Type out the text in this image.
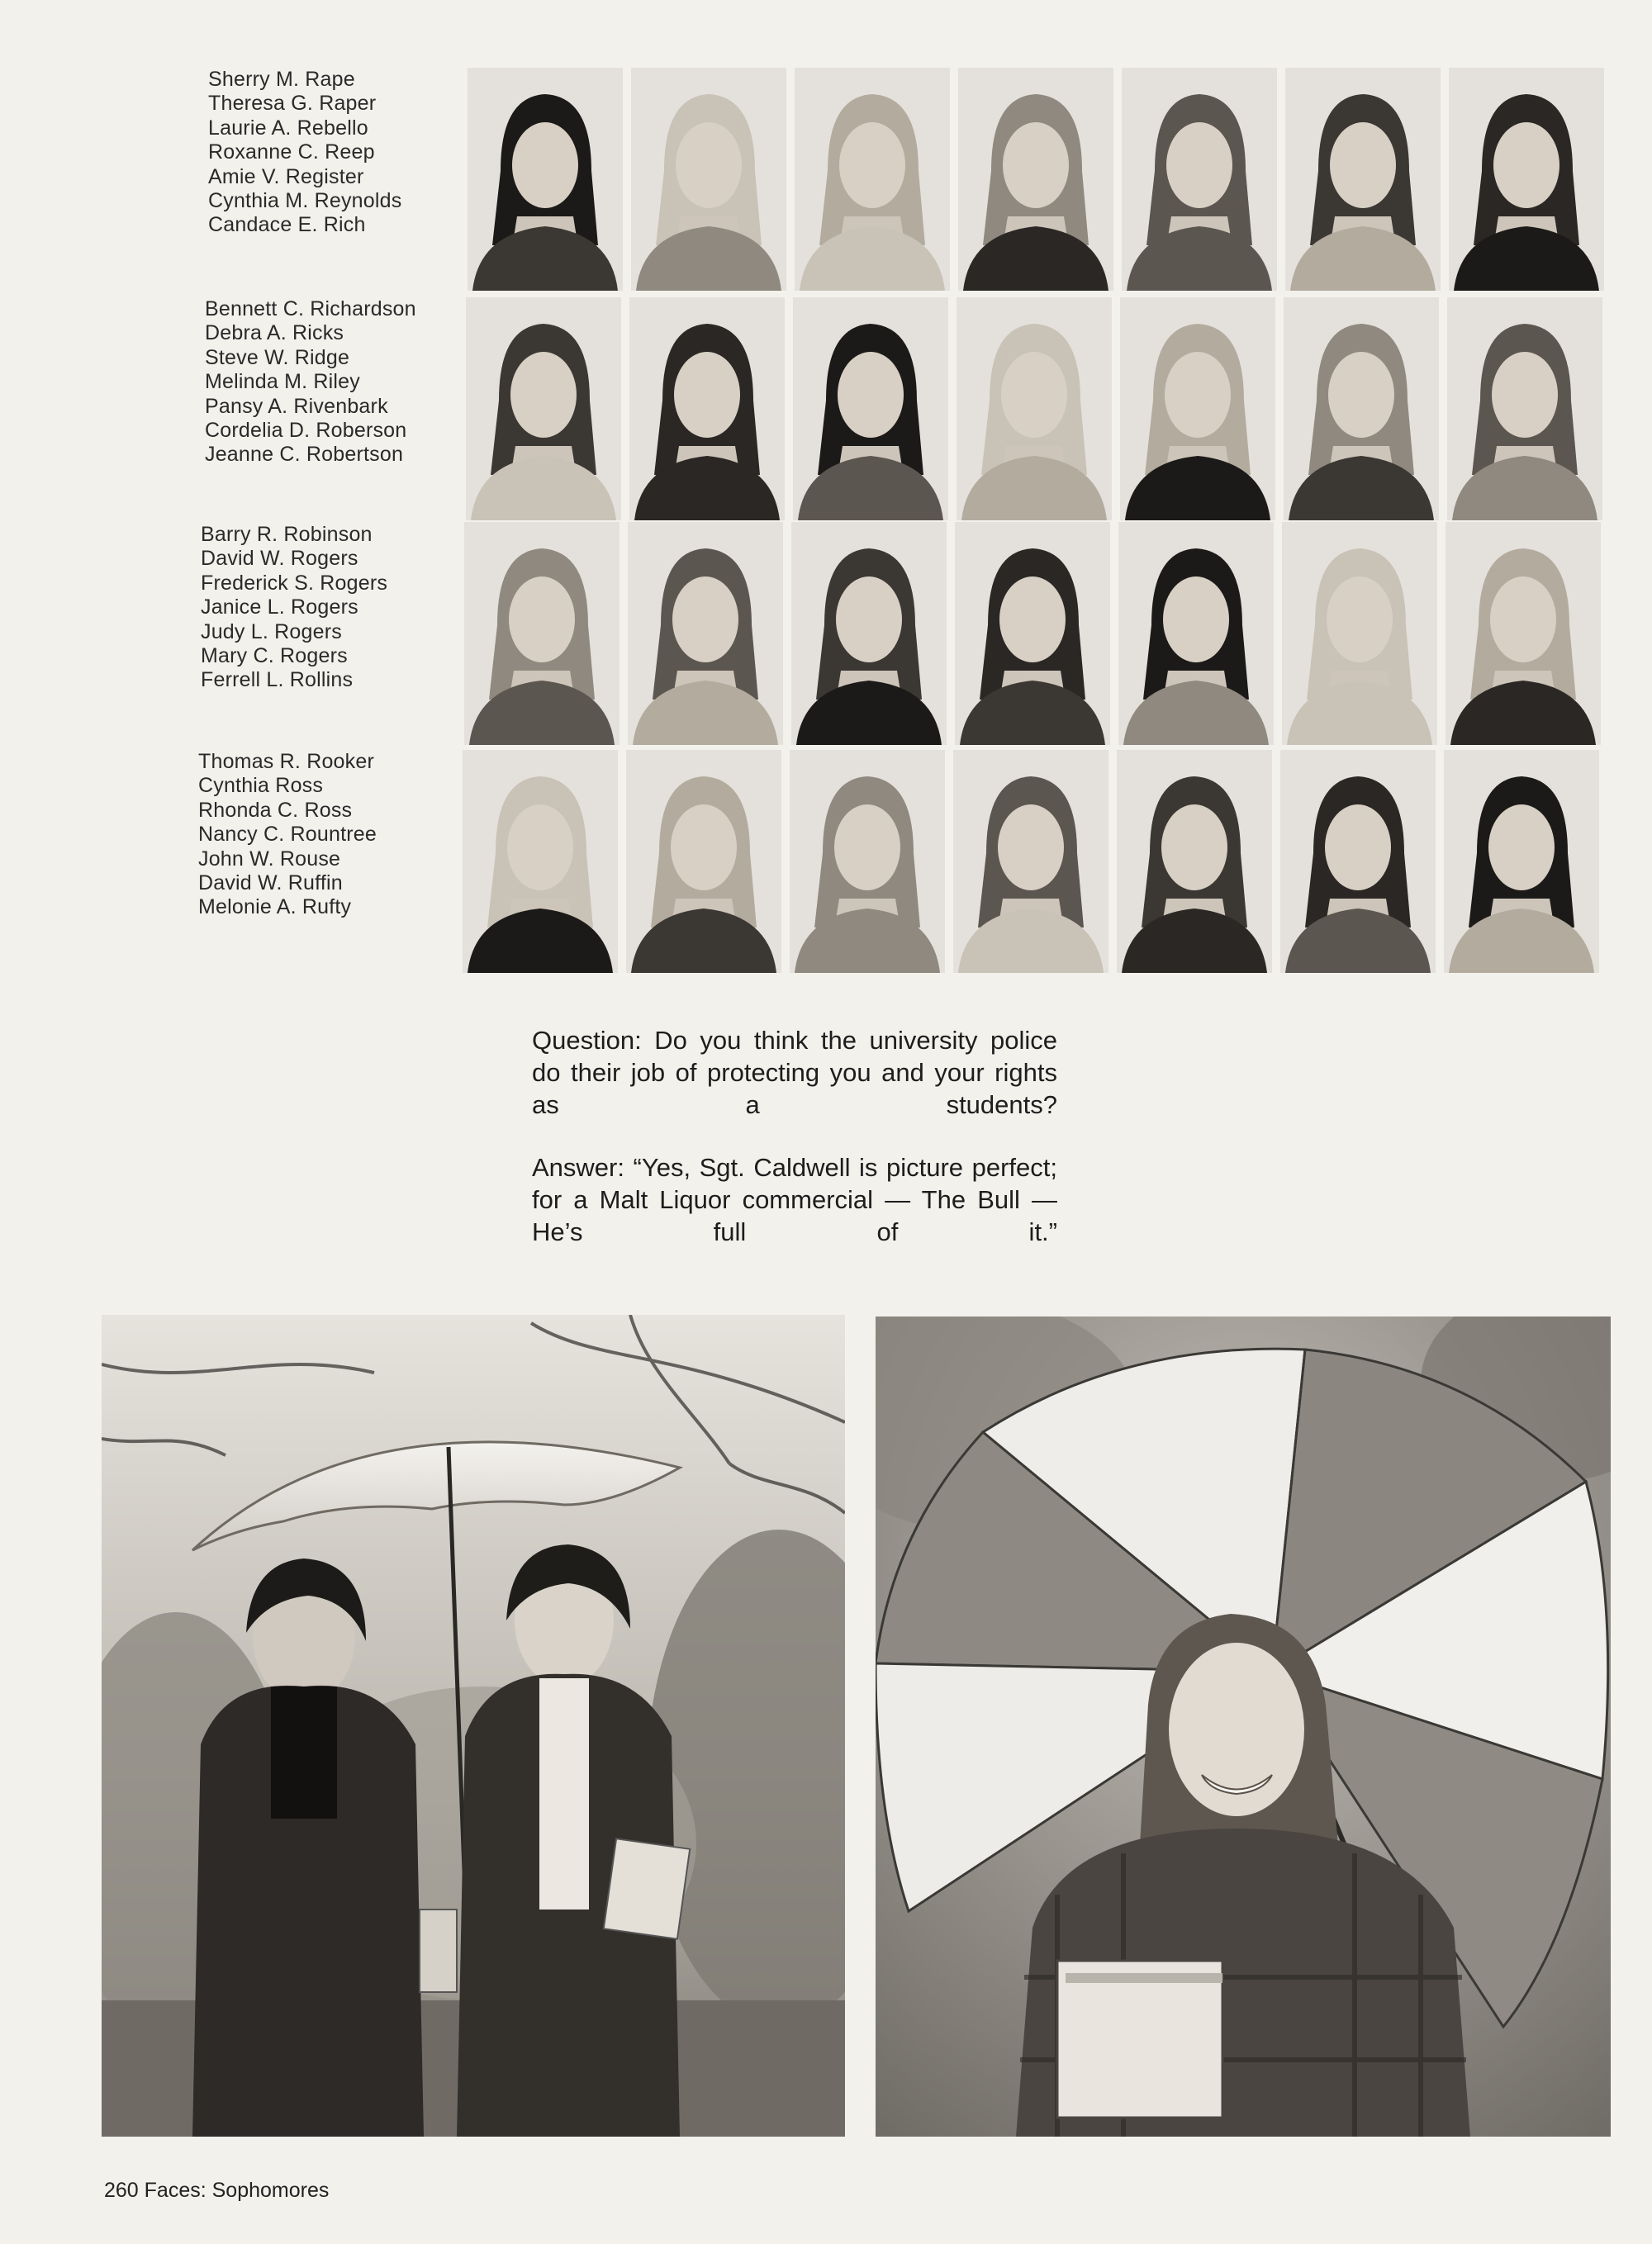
Sherry M. Rape
Theresa G. Raper
Laurie A. Rebello
Roxanne C. Reep
Amie V. Register
Cynthia M. Reynolds
Candace E. Rich
Bennett C. Richardson
Debra A. Ricks
Steve W. Ridge
Melinda M. Riley
Pansy A. Rivenbark
Cordelia D. Roberson
Jeanne C. Robertson
Barry R. Robinson
David W. Rogers
Frederick S. Rogers
Janice L. Rogers
Judy L. Rogers
Mary C. Rogers
Ferrell L. Rollins
Thomas R. Rooker
Cynthia Ross
Rhonda C. Ross
Nancy C. Rountree
John W. Rouse
David W. Ruffin
Melonie A. Rufty

Question: Do you think the university police do their job of protecting you and your rights as a students?

Answer: “Yes, Sgt. Caldwell is picture perfect; for a Malt Liquor commercial — The Bull — He’s full of it.”

260 Faces: Sophomores
